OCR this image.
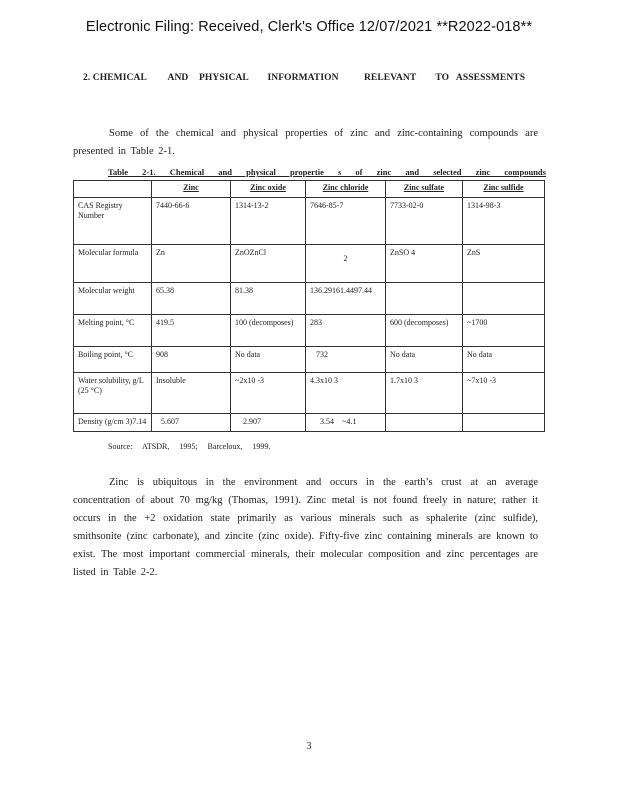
Electronic Filing: Received, Clerk's Office 12/07/2021 **R2022-018**
2. CHEMICAL AND PHYSICAL INFORMATION	RELEVANT TO ASSESSMENTS

Some of the chemical and physical properties of zinc and zinc-containing compounds are presented in Table 2-1.

Table 2-1. Chemical and physical propertie s of zinc and selected zinc compounds
	Zinc	Zinc oxide	Zinc chloride	Zinc sulfate	Zinc sulfide
CAS Registry Number	7440-66-6	1314-13-2	7646-85-7	7733-02-0	1314-98-3
Molecular formula	Zn	ZnOZnCl	2	ZnSO 4	ZnS
Molecular weight	65.38	81.38	136.29161.4497.44		
Melting point, °C	419.5	100 (decomposes)	283	600 (decomposes)	~1700
Boiling point, °C	908	No data	732	No data	No data
Water solubility, g/L (25 °C)	Insoluble	~2x10 -3	4.3x10 3	1.7x10 3	~7x10 -3
Density (g/cm 3)7.14	5.607	2.907	3.54 ~4.1		
Source: ATSDR, 1995; Barceloux, 1999.

Zinc is ubiquitous in the environment and occurs in the earth’s crust at an average concentration of about 70 mg/kg (Thomas, 1991). Zinc metal is not found freely in nature; rather it occurs in the +2 oxidation state primarily as various minerals such as sphalerite (zinc sulfide), smithsonite (zinc carbonate), and zincite (zinc oxide). Fifty-five zinc containing minerals are known to exist. The most important commercial minerals, their molecular composition and zinc percentages are listed in Table 2-2.

3
